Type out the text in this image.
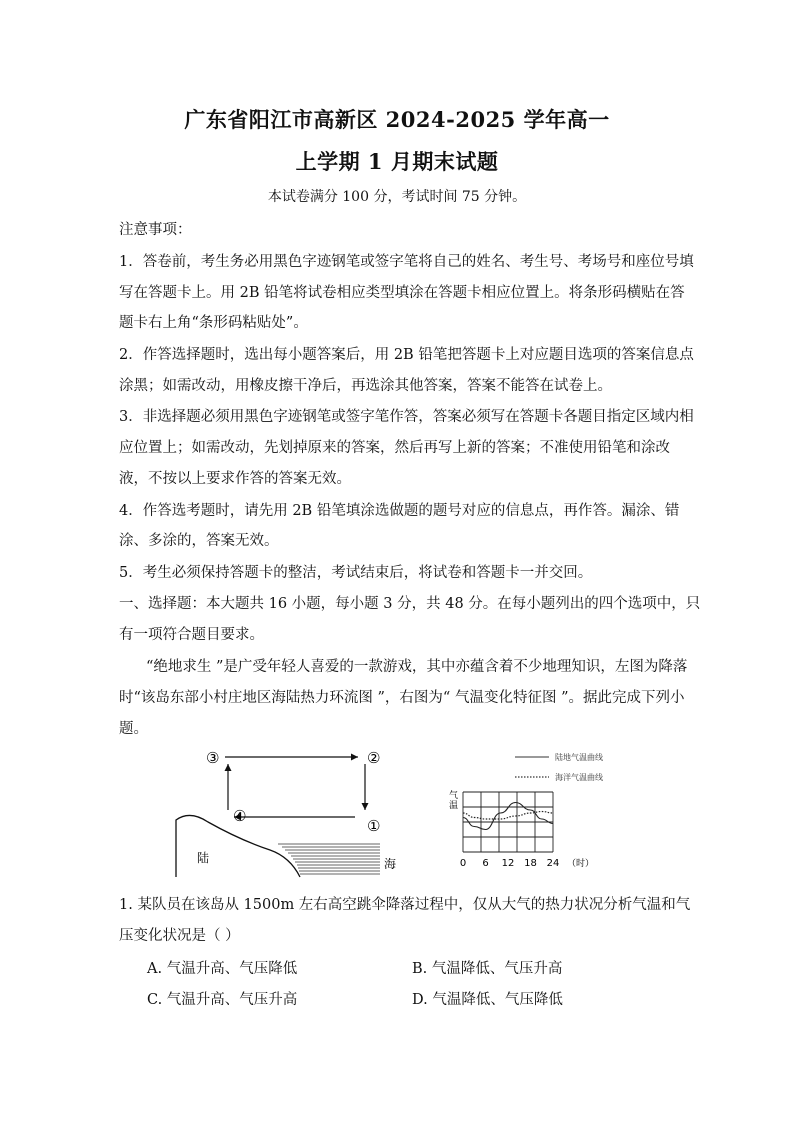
广东省阳江市高新区 2024-2025 学年高一
上学期 1 月期末试题
本试卷满分 100 分，考试时间 75 分钟。
注意事项：
1．答卷前，考生务必用黑色字迹钢笔或签字笔将自己的姓名、考生号、考场号和座位号填
写在答题卡上。用 2B 铅笔将试卷相应类型填涂在答题卡相应位置上。将条形码横贴在答
题卡右上角“条形码粘贴处”。
2．作答选择题时，选出每小题答案后，用 2B 铅笔把答题卡上对应题目选项的答案信息点
涂黑；如需改动，用橡皮擦干净后，再选涂其他答案，答案不能答在试卷上。
3．非选择题必须用黑色字迹钢笔或签字笔作答，答案必须写在答题卡各题目指定区域内相
应位置上；如需改动，先划掉原来的答案，然后再写上新的答案；不准使用铅笔和涂改
液，不按以上要求作答的答案无效。
4．作答选考题时，请先用 2B 铅笔填涂选做题的题号对应的信息点，再作答。漏涂、错
涂、多涂的，答案无效。
5．考生必须保持答题卡的整洁，考试结束后，将试卷和答题卡一并交回。
一、选择题：本大题共 16 小题，每小题 3 分，共 48 分。在每小题列出的四个选项中，只
有一项符合题目要求。
“绝地求生 ”是广受年轻人喜爱的一款游戏，其中亦蕴含着不少地理知识，左图为降落
时“该岛东部小村庄地区海陆热力环流图 ”，右图为“ 气温变化特征图 ”。据此完成下列小
题。
③	②
①
④
陆	海
陆地气温曲线
海洋气温曲线
气
温
0 6 12 18 24 （时）
1. 某队员在该岛从 1500m 左右高空跳伞降落过程中，仅从大气的热力状况分析气温和气
压变化状况是（ ）
A. 气温升高、气压降低	B. 气温降低、气压升高
C. 气温升高、气压升高	D. 气温降低、气压降低
